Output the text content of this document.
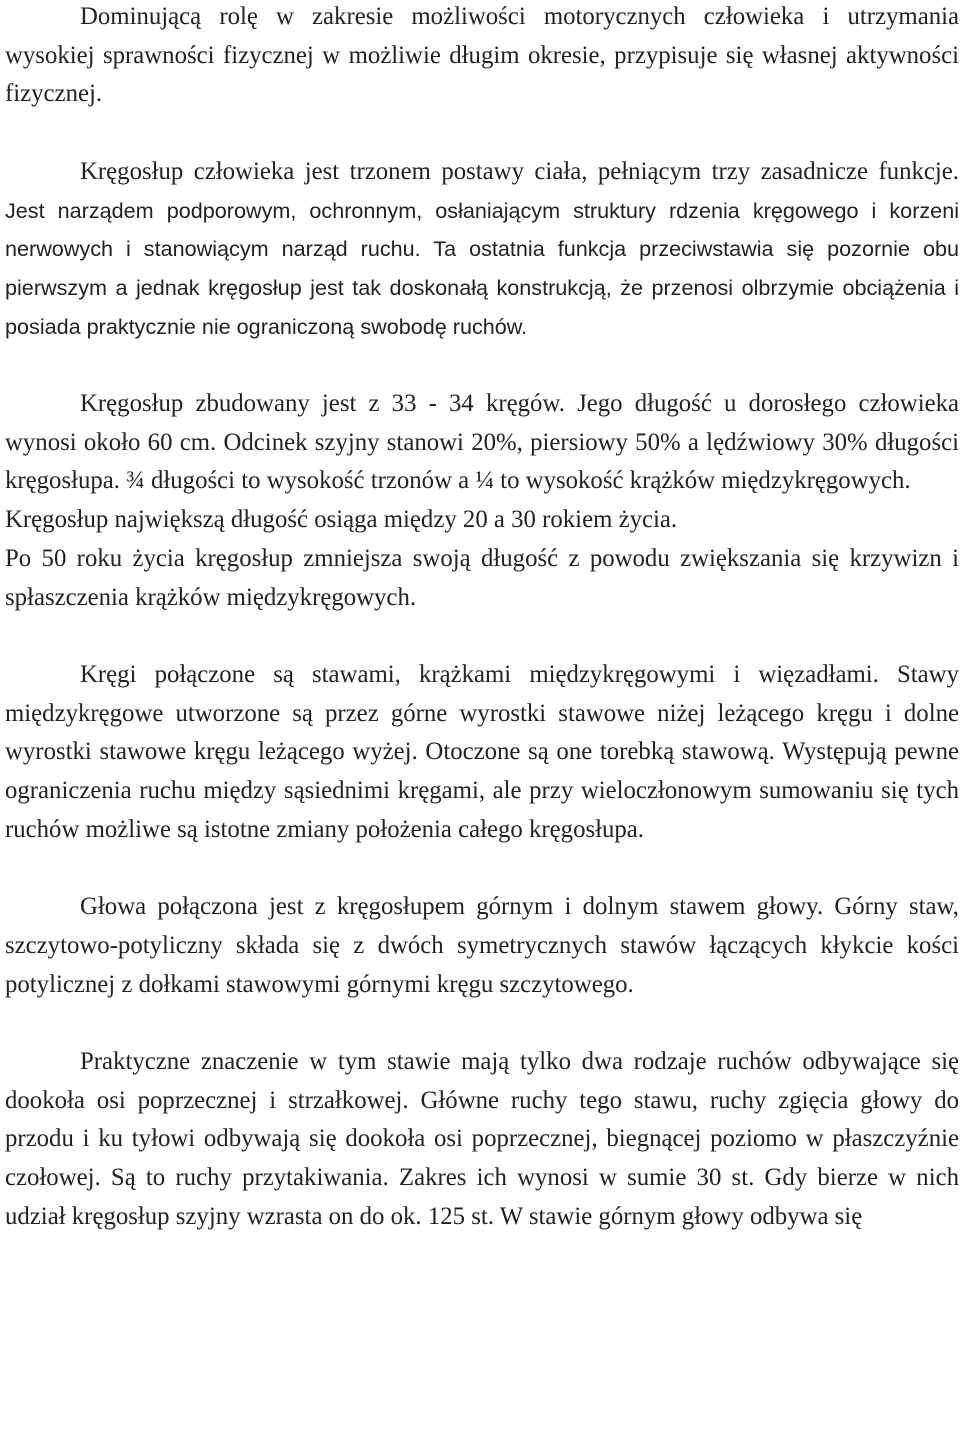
Dominującą rolę w zakresie możliwości motorycznych człowieka i utrzymania wysokiej sprawności fizycznej w możliwie długim okresie, przypisuje się własnej aktywności fizycznej.

Kręgosłup człowieka jest trzonem postawy ciała, pełniącym trzy zasadnicze funkcje. Jest narządem podporowym, ochronnym, osłaniającym struktury rdzenia kręgowego i korzeni nerwowych i stanowiącym narząd ruchu. Ta ostatnia funkcja przeciwstawia się pozornie obu pierwszym a jednak kręgosłup jest tak doskonałą konstrukcją, że przenosi olbrzymie obciążenia i posiada praktycznie nie ograniczoną swobodę ruchów.

Kręgosłup zbudowany jest z 33 - 34 kręgów. Jego długość u dorosłego człowieka wynosi około 60 cm. Odcinek szyjny stanowi 20%, piersiowy 50% a lędźwiowy 30% długości kręgosłupa. ¾ długości to wysokość trzonów a ¼ to wysokość krążków międzykręgowych.

Kręgosłup największą długość osiąga między 20 a 30 rokiem życia.

Po 50 roku życia kręgosłup zmniejsza swoją długość z powodu zwiększania się krzywizn i spłaszczenia krążków międzykręgowych.

Kręgi połączone są stawami, krążkami międzykręgowymi i więzadłami. Stawy międzykręgowe utworzone są przez górne wyrostki stawowe niżej leżącego kręgu i dolne wyrostki stawowe kręgu leżącego wyżej. Otoczone są one torebką stawową. Występują pewne ograniczenia ruchu między sąsiednimi kręgami, ale przy wieloczłonowym sumowaniu się tych ruchów możliwe są istotne zmiany położenia całego kręgosłupa.

Głowa połączona jest z kręgosłupem górnym i dolnym stawem głowy. Górny staw, szczytowo-potyliczny składa się z dwóch symetrycznych stawów łączących kłykcie kości potylicznej z dołkami stawowymi górnymi kręgu szczytowego.

Praktyczne znaczenie w tym stawie mają tylko dwa rodzaje ruchów odbywające się dookoła osi poprzecznej i strzałkowej. Główne ruchy tego stawu, ruchy zgięcia głowy do przodu i ku tyłowi odbywają się dookoła osi poprzecznej, biegnącej poziomo w płaszczyźnie czołowej. Są to ruchy przytakiwania. Zakres ich wynosi w sumie 30 st. Gdy bierze w nich udział kręgosłup szyjny wzrasta on do ok. 125 st. W stawie górnym głowy odbywa się
